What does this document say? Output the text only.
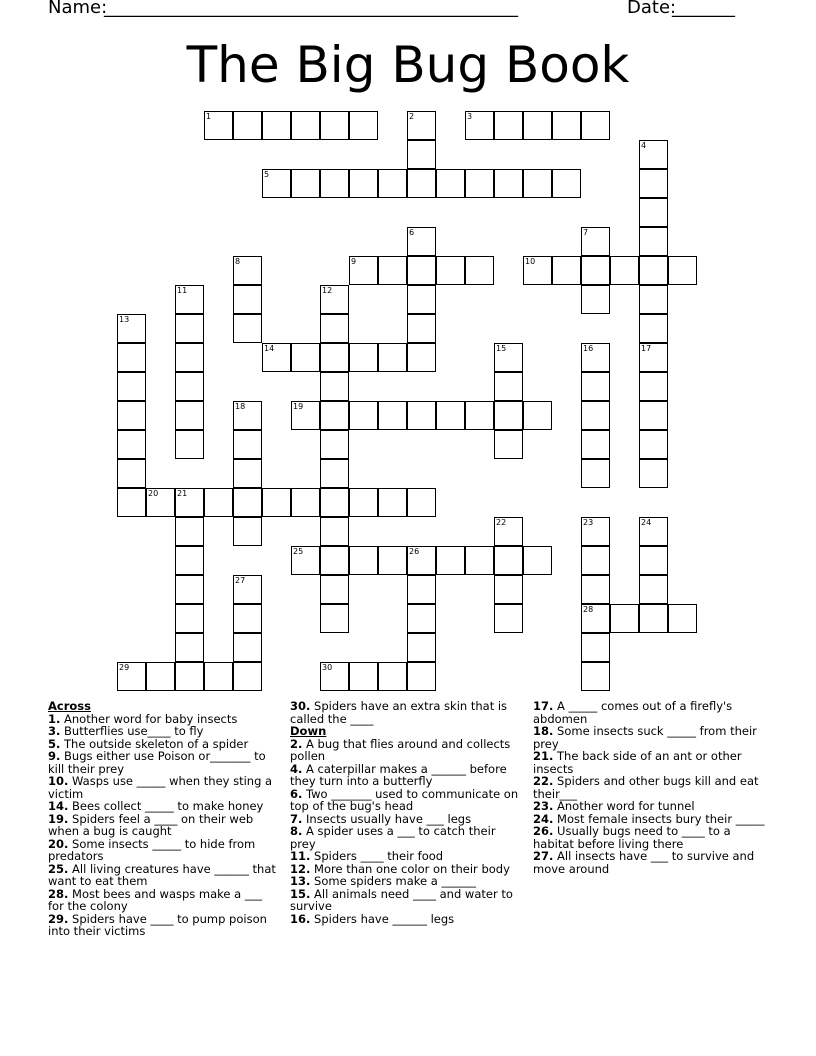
Name:
______________________________________________	Date:
_______
The Big Bug Book
1	3
5
9	10
14
19
20 21
25	26
28
29	30
2
4
6	7
8
11	12
13
15	16	17
18
22	23	24
27
Across

1. Another word for baby insects

3. Butterflies use____ to fly

5. The outside skeleton of a spider

9. Bugs either use Poison or_______ to kill their prey

10. Wasps use _____ when they sting a victim

14. Bees collect _____ to make honey

19. Spiders feel a ____ on their web when a bug is caught

20. Some insects _____ to hide from predators

25. All living creatures have ______ that want to eat them

28. Most bees and wasps make a ___ for the colony

29. Spiders have ____ to pump poison into their victims

30. Spiders have an extra skin that is called the ____

Down

2. A bug that flies around and collects pollen

4. A caterpillar makes a ______ before they turn into a butterfly

6. Two _______ used to communicate on top of the bug's head

7. Insects usually have ___ legs

8. A spider uses a ___ to catch their prey

11. Spiders ____ their food

12. More than one color on their body

13. Some spiders make a ______

15. All animals need ____ and water to survive

16. Spiders have ______ legs

17. A _____ comes out of a firefly's abdomen

18. Some insects suck _____ from their prey

21. The back side of an ant or other insects

22. Spiders and other bugs kill and eat their___

23. Another word for tunnel

24. Most female insects bury their _____

26. Usually bugs need to ____ to a habitat before living there

27. All insects have ___ to survive and move around
